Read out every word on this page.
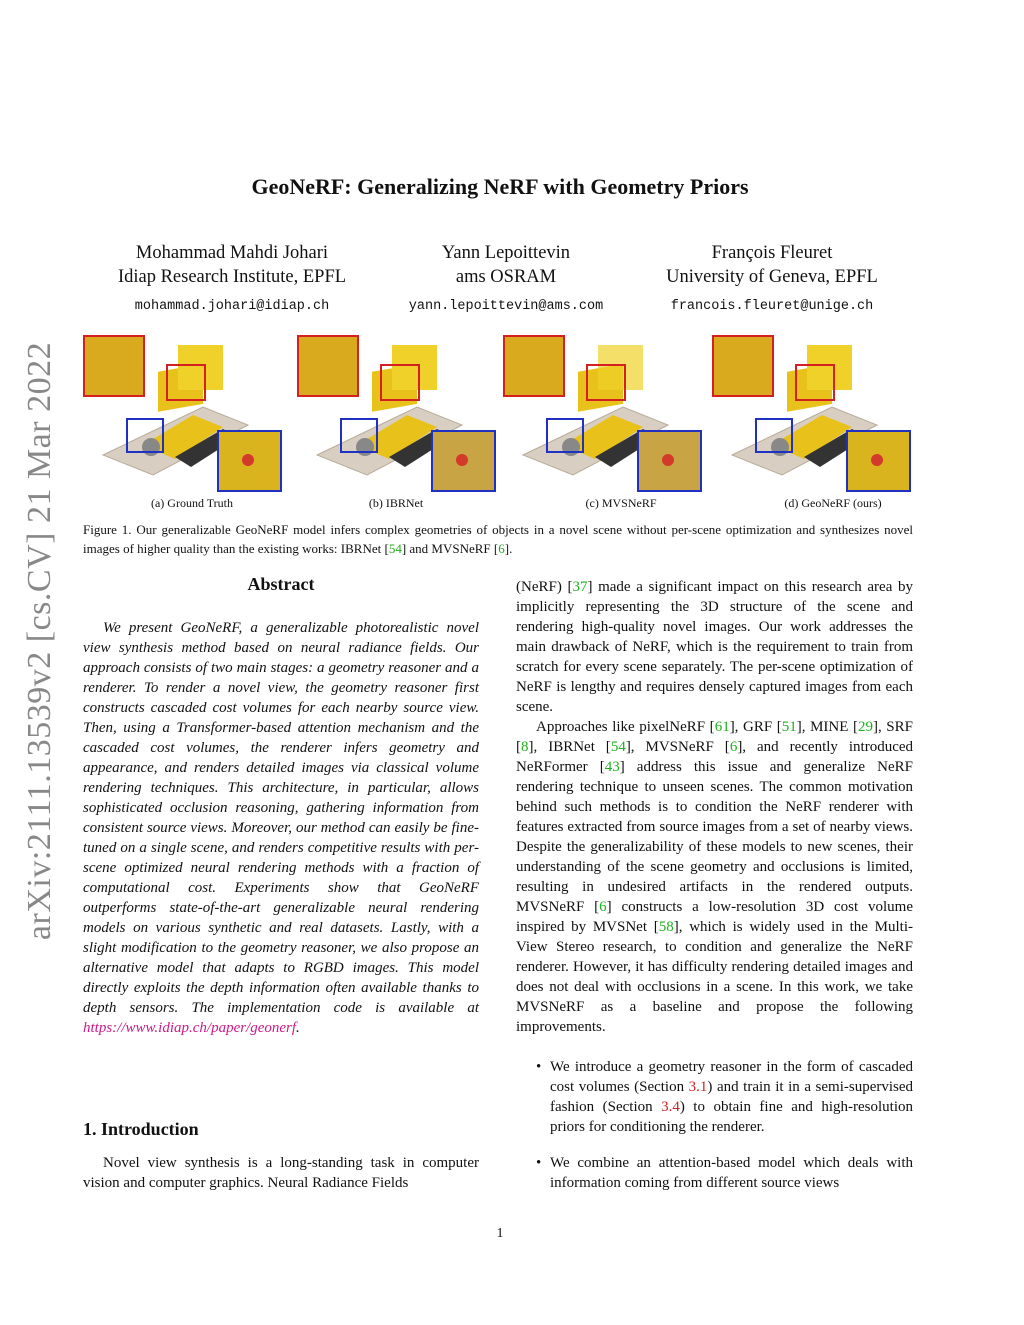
arXiv:2111.13539v2 [cs.CV] 21 Mar 2022
GeoNeRF: Generalizing NeRF with Geometry Priors
Mohammad Mahdi Johari
Idiap Research Institute, EPFL
mohammad.johari@idiap.ch
Yann Lepoittevin
ams OSRAM
yann.lepoittevin@ams.com
François Fleuret
University of Geneva, EPFL
francois.fleuret@unige.ch
(a) Ground Truth	(b) IBRNet	(c) MVSNeRF	(d) GeoNeRF (ours)
Figure 1. Our generalizable GeoNeRF model infers complex geometries of objects in a novel scene without per-scene optimization and synthesizes novel images of higher quality than the existing works: IBRNet [54] and MVSNeRF [6].
Abstract

We present GeoNeRF, a generalizable photorealistic novel view synthesis method based on neural radiance fields. Our approach consists of two main stages: a geometry reasoner and a renderer. To render a novel view, the geometry reasoner first constructs cascaded cost volumes for each nearby source view. Then, using a Transformer-based attention mechanism and the cascaded cost volumes, the renderer infers geometry and appearance, and renders detailed images via classical volume rendering techniques. This architecture, in particular, allows sophisticated occlusion reasoning, gathering information from consistent source views. Moreover, our method can easily be fine-tuned on a single scene, and renders competitive results with per-scene optimized neural rendering methods with a fraction of computational cost. Experiments show that GeoNeRF outperforms state-of-the-art generalizable neural rendering models on various synthetic and real datasets. Lastly, with a slight modification to the geometry reasoner, we also propose an alternative model that adapts to RGBD images. This model directly exploits the depth information often available thanks to depth sensors. The implementation code is available at https://www.idiap.ch/paper/geonerf.

1. Introduction

Novel view synthesis is a long-standing task in computer vision and computer graphics. Neural Radiance Fields

(NeRF) [37] made a significant impact on this research area by implicitly representing the 3D structure of the scene and rendering high-quality novel images. Our work addresses the main drawback of NeRF, which is the requirement to train from scratch for every scene separately. The per-scene optimization of NeRF is lengthy and requires densely captured images from each scene.

Approaches like pixelNeRF [61], GRF [51], MINE [29], SRF [8], IBRNet [54], MVSNeRF [6], and recently introduced NeRFormer [43] address this issue and generalize NeRF rendering technique to unseen scenes. The common motivation behind such methods is to condition the NeRF renderer with features extracted from source images from a set of nearby views. Despite the generalizability of these models to new scenes, their understanding of the scene geometry and occlusions is limited, resulting in undesired artifacts in the rendered outputs. MVSNeRF [6] constructs a low-resolution 3D cost volume inspired by MVSNet [58], which is widely used in the Multi-View Stereo research, to condition and generalize the NeRF renderer. However, it has difficulty rendering detailed images and does not deal with occlusions in a scene. In this work, we take MVSNeRF as a baseline and propose the following improvements.

• We introduce a geometry reasoner in the form of cascaded cost volumes (Section 3.1) and train it in a semi-supervised fashion (Section 3.4) to obtain fine and high-resolution priors for conditioning the renderer.
• We combine an attention-based model which deals with information coming from different source views
1
